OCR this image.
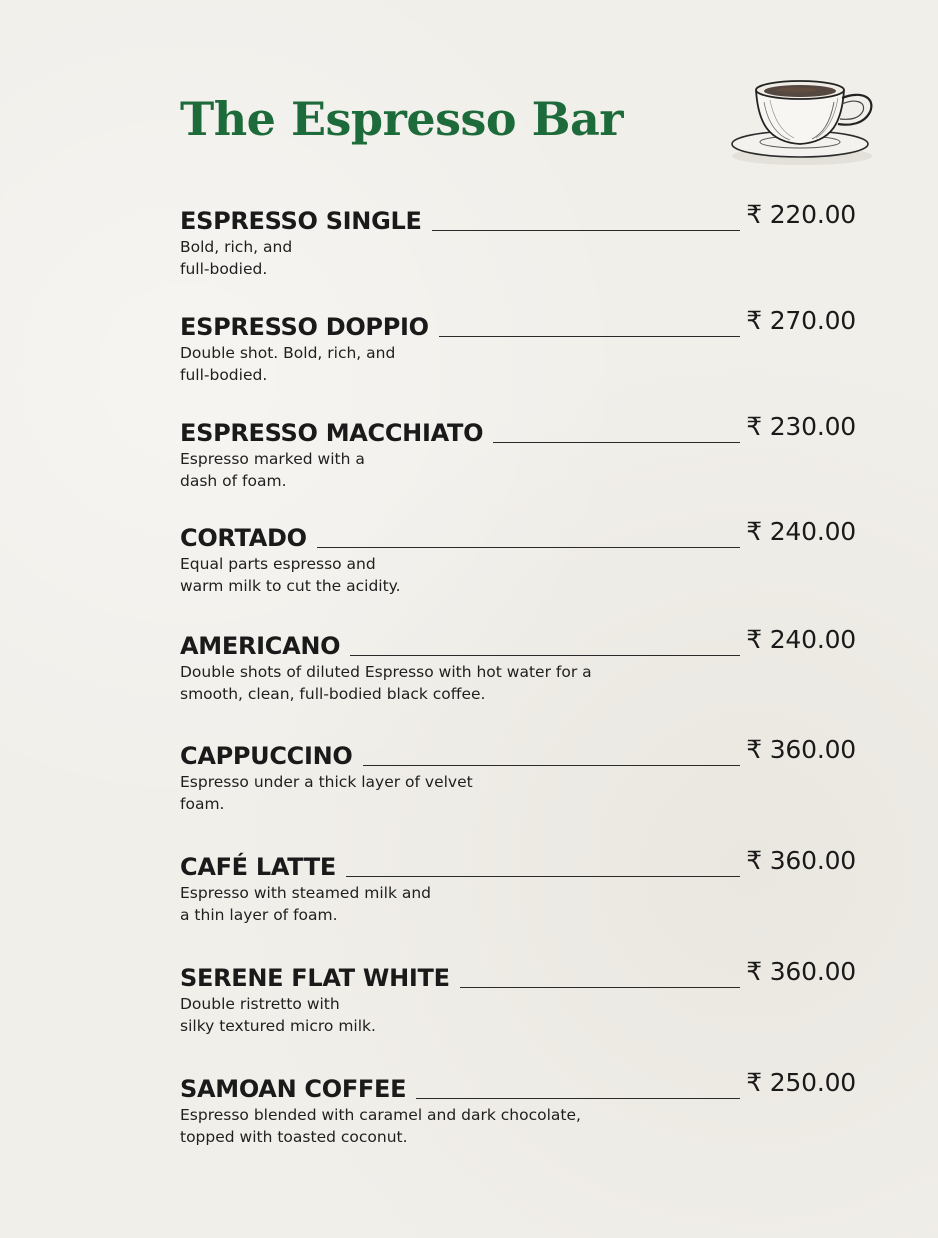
The Espresso Bar
ESPRESSO SINGLE	₹ 220.00
Bold, rich, and
full-bodied.
ESPRESSO DOPPIO	₹ 270.00
Double shot. Bold, rich, and
full-bodied.
ESPRESSO MACCHIATO	₹ 230.00
Espresso marked with a
dash of foam.
CORTADO	₹ 240.00
Equal parts espresso and
warm milk to cut the acidity.
AMERICANO	₹ 240.00
Double shots of diluted Espresso with hot water for a
smooth, clean, full-bodied black coffee.
CAPPUCCINO	₹ 360.00
Espresso under a thick layer of velvet
foam.
CAFÉ LATTE	₹ 360.00
Espresso with steamed milk and
a thin layer of foam.
SERENE FLAT WHITE	₹ 360.00
Double ristretto with
silky textured micro milk.
SAMOAN COFFEE	₹ 250.00
Espresso blended with caramel and dark chocolate,
topped with toasted coconut.
